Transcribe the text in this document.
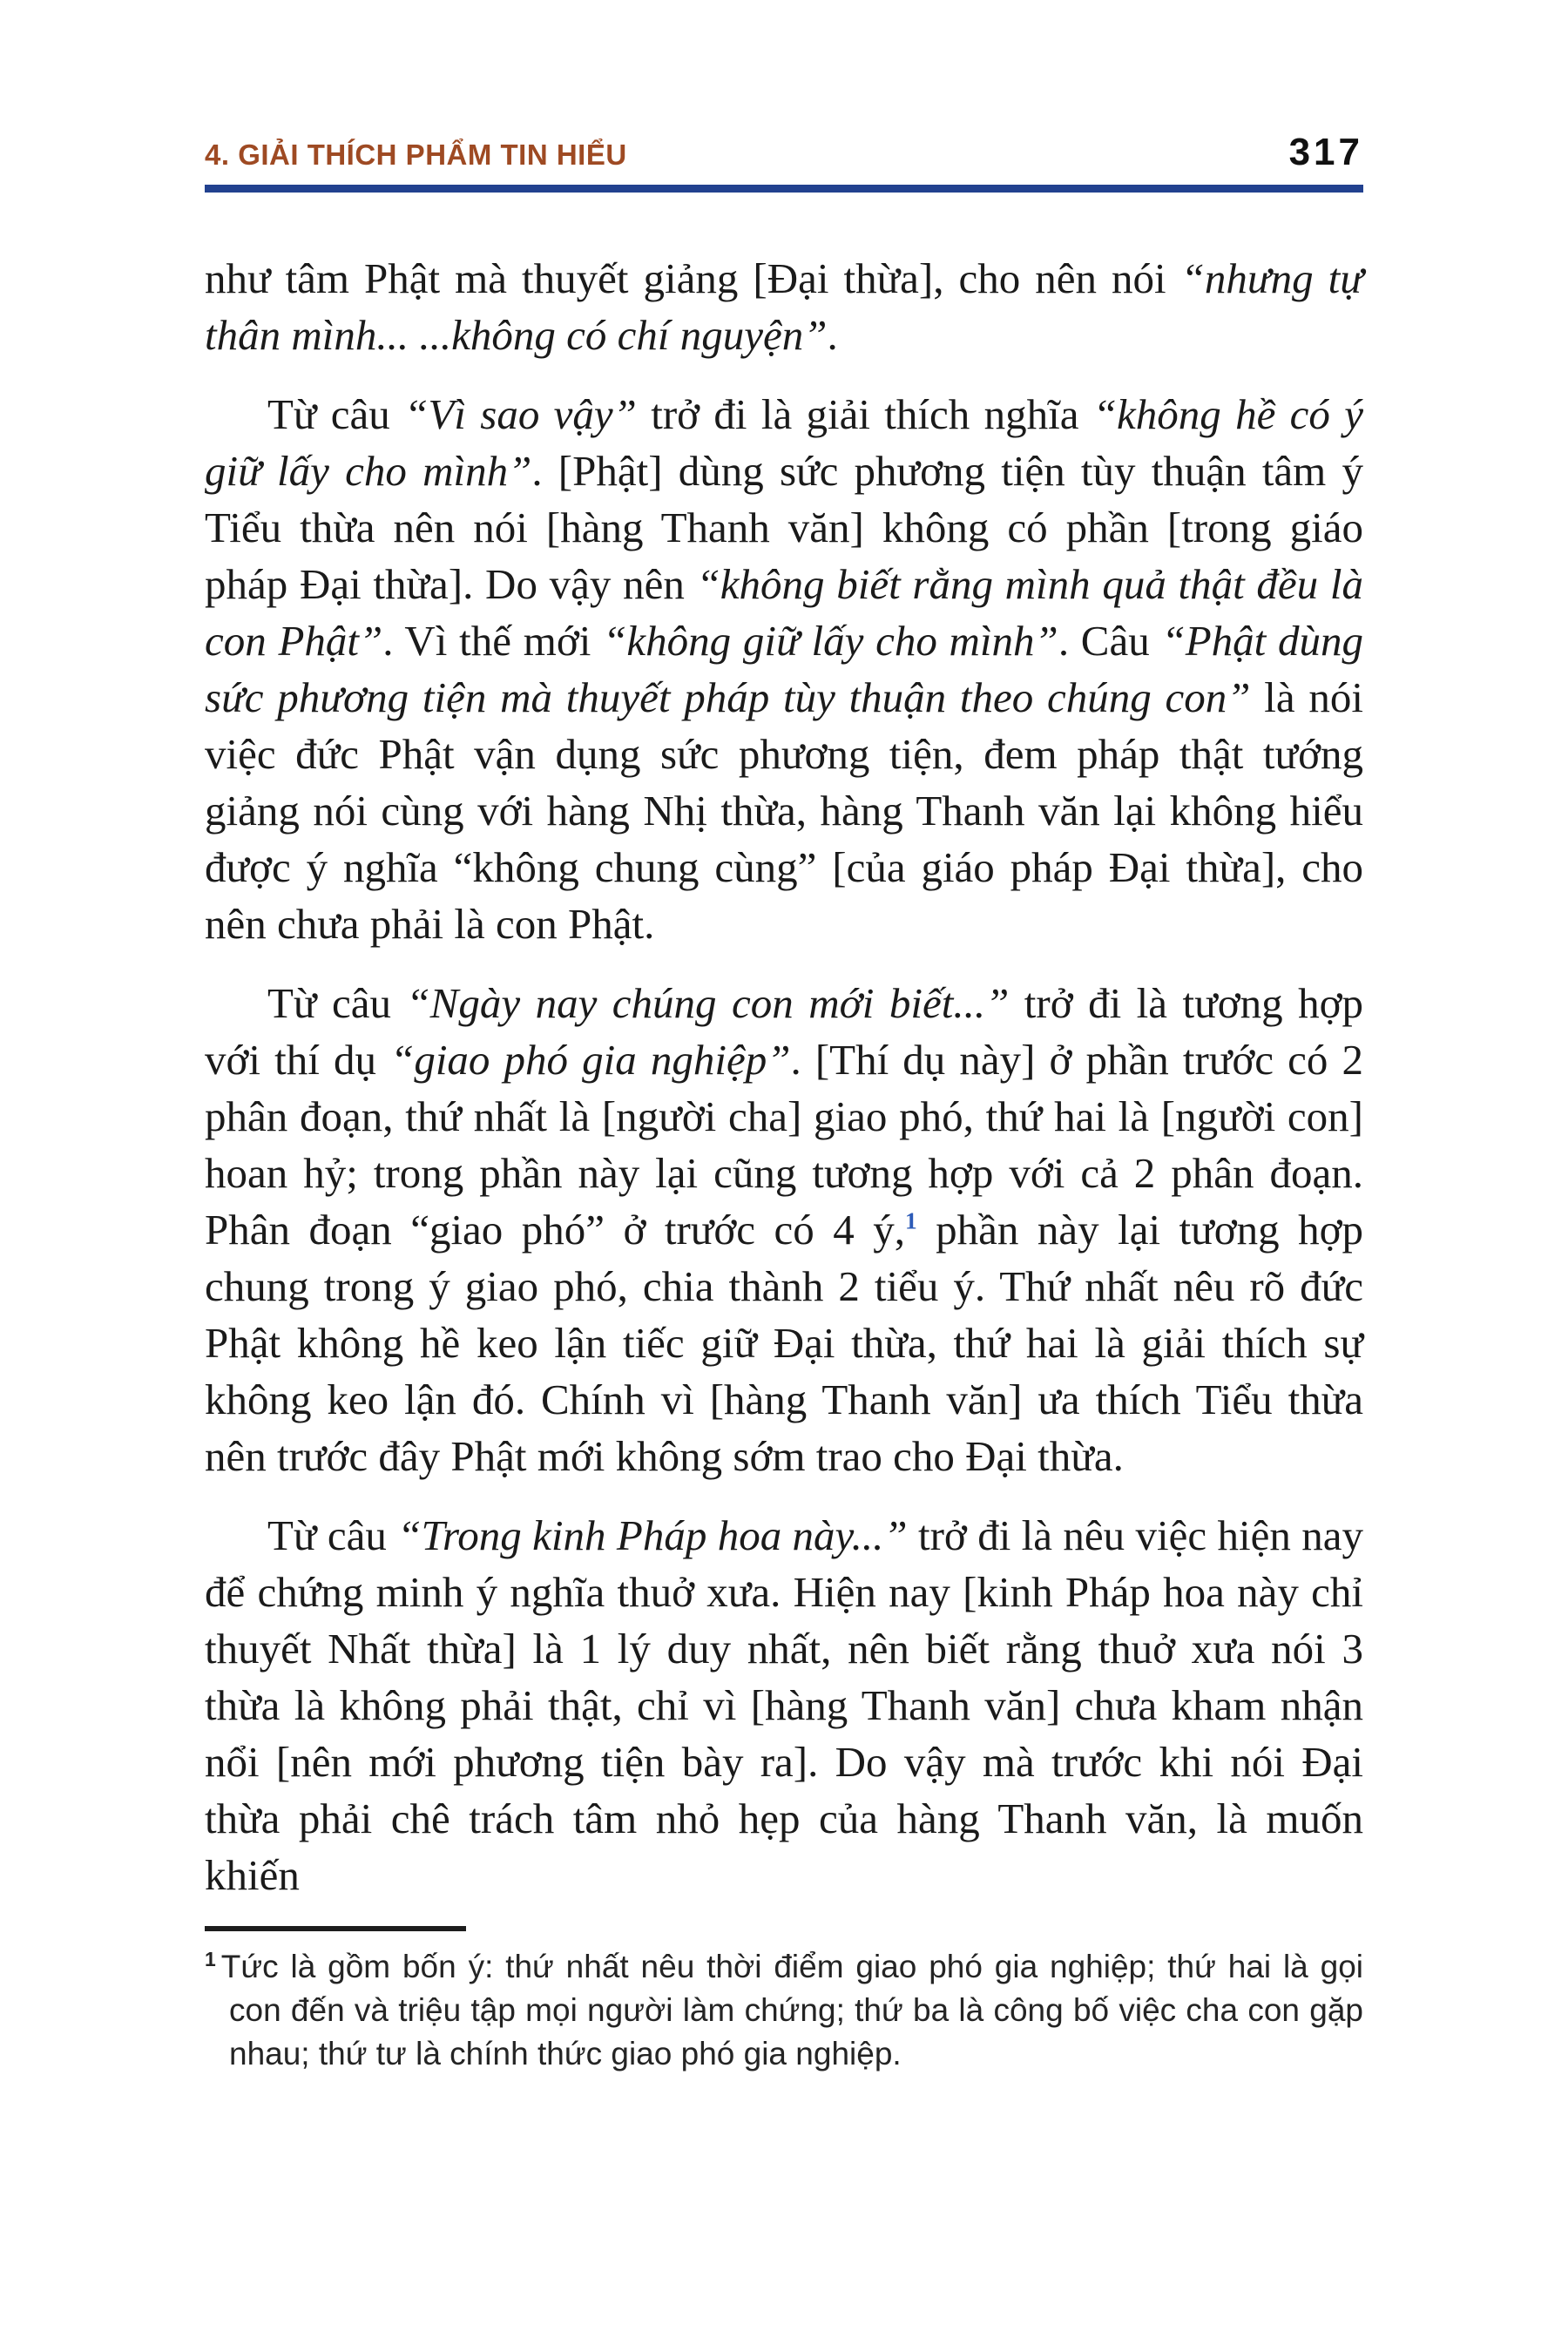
4. GIẢI THÍCH PHẨM TIN HIỂU	317

như tâm Phật mà thuyết giảng [Đại thừa], cho nên nói “nhưng tự thân mình... ...không có chí nguyện”.

Từ câu “Vì sao vậy” trở đi là giải thích nghĩa “không hề có ý giữ lấy cho mình”. [Phật] dùng sức phương tiện tùy thuận tâm ý Tiểu thừa nên nói [hàng Thanh văn] không có phần [trong giáo pháp Đại thừa]. Do vậy nên “không biết rằng mình quả thật đều là con Phật”. Vì thế mới “không giữ lấy cho mình”. Câu “Phật dùng sức phương tiện mà thuyết pháp tùy thuận theo chúng con” là nói việc đức Phật vận dụng sức phương tiện, đem pháp thật tướng giảng nói cùng với hàng Nhị thừa, hàng Thanh văn lại không hiểu được ý nghĩa “không chung cùng” [của giáo pháp Đại thừa], cho nên chưa phải là con Phật.

Từ câu “Ngày nay chúng con mới biết...” trở đi là tương hợp với thí dụ “giao phó gia nghiệp”. [Thí dụ này] ở phần trước có 2 phân đoạn, thứ nhất là [người cha] giao phó, thứ hai là [người con] hoan hỷ; trong phần này lại cũng tương hợp với cả 2 phân đoạn. Phân đoạn “giao phó” ở trước có 4 ý,$^1$ phần này lại tương hợp chung trong ý giao phó, chia thành 2 tiểu ý. Thứ nhất nêu rõ đức Phật không hề keo lận tiếc giữ Đại thừa, thứ hai là giải thích sự không keo lận đó. Chính vì [hàng Thanh văn] ưa thích Tiểu thừa nên trước đây Phật mới không sớm trao cho Đại thừa.

Từ câu “Trong kinh Pháp hoa này...” trở đi là nêu việc hiện nay để chứng minh ý nghĩa thuở xưa. Hiện nay [kinh Pháp hoa này chỉ thuyết Nhất thừa] là 1 lý duy nhất, nên biết rằng thuở xưa nói 3 thừa là không phải thật, chỉ vì [hàng Thanh văn] chưa kham nhận nổi [nên mới phương tiện bày ra]. Do vậy mà trước khi nói Đại thừa phải chê trách tâm nhỏ hẹp của hàng Thanh văn, là muốn khiến

$^1$ Tức là gồm bốn ý: thứ nhất nêu thời điểm giao phó gia nghiệp; thứ hai là gọi con đến và triệu tập mọi người làm chứng; thứ ba là công bố việc cha con gặp nhau; thứ tư là chính thức giao phó gia nghiệp.
